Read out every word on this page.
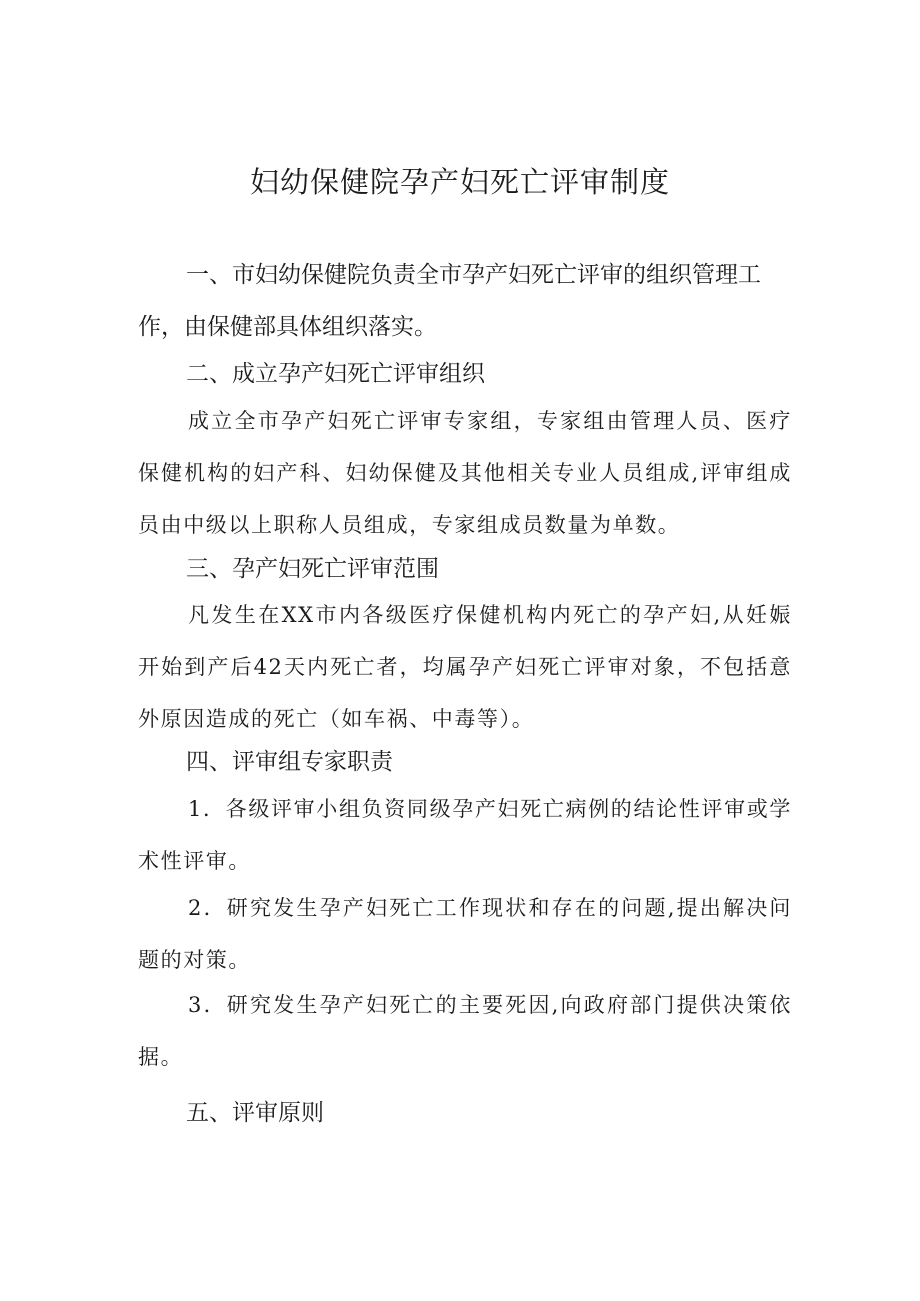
妇幼保健院孕产妇死亡评审制度

一、市妇幼保健院负责全市孕产妇死亡评审的组织管理工作，由保健部具体组织落实。

二、成立孕产妇死亡评审组织

成立全市孕产妇死亡评审专家组，专家组由管理人员、医疗保健机构的妇产科、妇幼保健及其他相关专业人员组成,评审组成员由中级以上职称人员组成，专家组成员数量为单数。

三、孕产妇死亡评审范围

凡发生在XX市内各级医疗保健机构内死亡的孕产妇,从妊娠开始到产后42天内死亡者，均属孕产妇死亡评审对象，不包括意外原因造成的死亡（如车祸、中毒等）。

四、评审组专家职责

1．各级评审小组负资同级孕产妇死亡病例的结论性评审或学术性评审。

2．研究发生孕产妇死亡工作现状和存在的问题,提出解决问题的对策。

3．研究发生孕产妇死亡的主要死因,向政府部门提供决策依据。

五、评审原则
